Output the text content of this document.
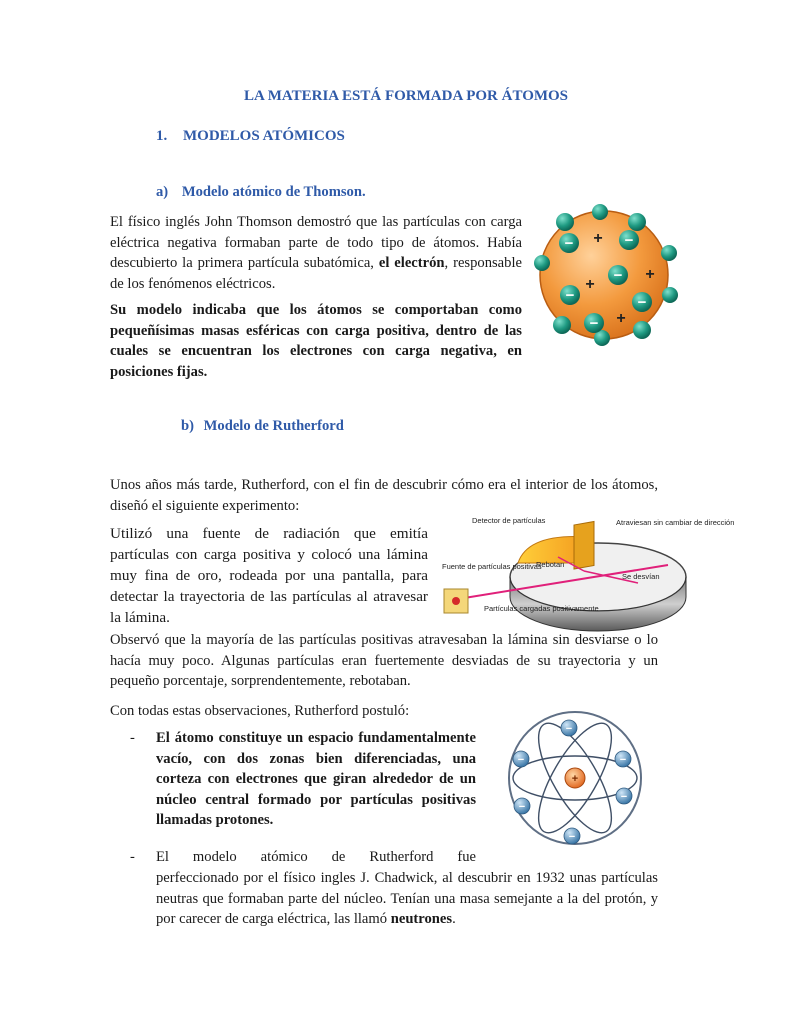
LA MATERIA ESTÁ FORMADA POR ÁTOMOS
1. MODELOS ATÓMICOS
a) Modelo atómico de Thomson.
El físico inglés John Thomson demostró que las partículas con carga eléctrica negativa formaban parte de todo tipo de átomos. Había descubierto la primera partícula subatómica, el electrón, responsable de los fenómenos eléctricos.
Su modelo indicaba que los átomos se comportaban como pequeñísimas masas esféricas con carga positiva, dentro de las cuales se encuentran los electrones con carga negativa, en posiciones fijas.
+
+
+
+
−	−
−
−
−
−
b) Modelo de Rutherford
Unos años más tarde, Rutherford, con el fin de descubrir cómo era el interior de los átomos, diseñó el siguiente experimento:
Utilizó una fuente de radiación que emitía partículas con carga positiva y colocó una lámina muy fina de oro, rodeada por una pantalla, para detectar la trayectoria de las partículas al atravesar la lámina.
Detector de partículas	Atraviesan sin cambiar de dirección
Fuente de partículas positivas
Rebotan
Se desvían
Partículas cargadas positivamente
Observó que la mayoría de las partículas positivas atravesaban la lámina sin desviarse o lo hacía muy poco. Algunas partículas eran fuertemente desviadas de su trayectoria y un pequeño porcentaje, sorprendentemente, rebotaban.
Con todas estas observaciones, Rutherford postuló:
- El átomo constituye un espacio fundamentalmente vacío, con dos zonas bien diferenciadas, una corteza con electrones que giran alrededor de un núcleo central formado por partículas positivas llamadas protones.
−
−
−
−
−
−
+
- El modelo atómico de Rutherford fue
perfeccionado por el físico ingles J. Chadwick, al descubrir en 1932 unas partículas neutras que formaban parte del núcleo. Tenían una masa semejante a la del protón, y por carecer de carga eléctrica, las llamó neutrones.
